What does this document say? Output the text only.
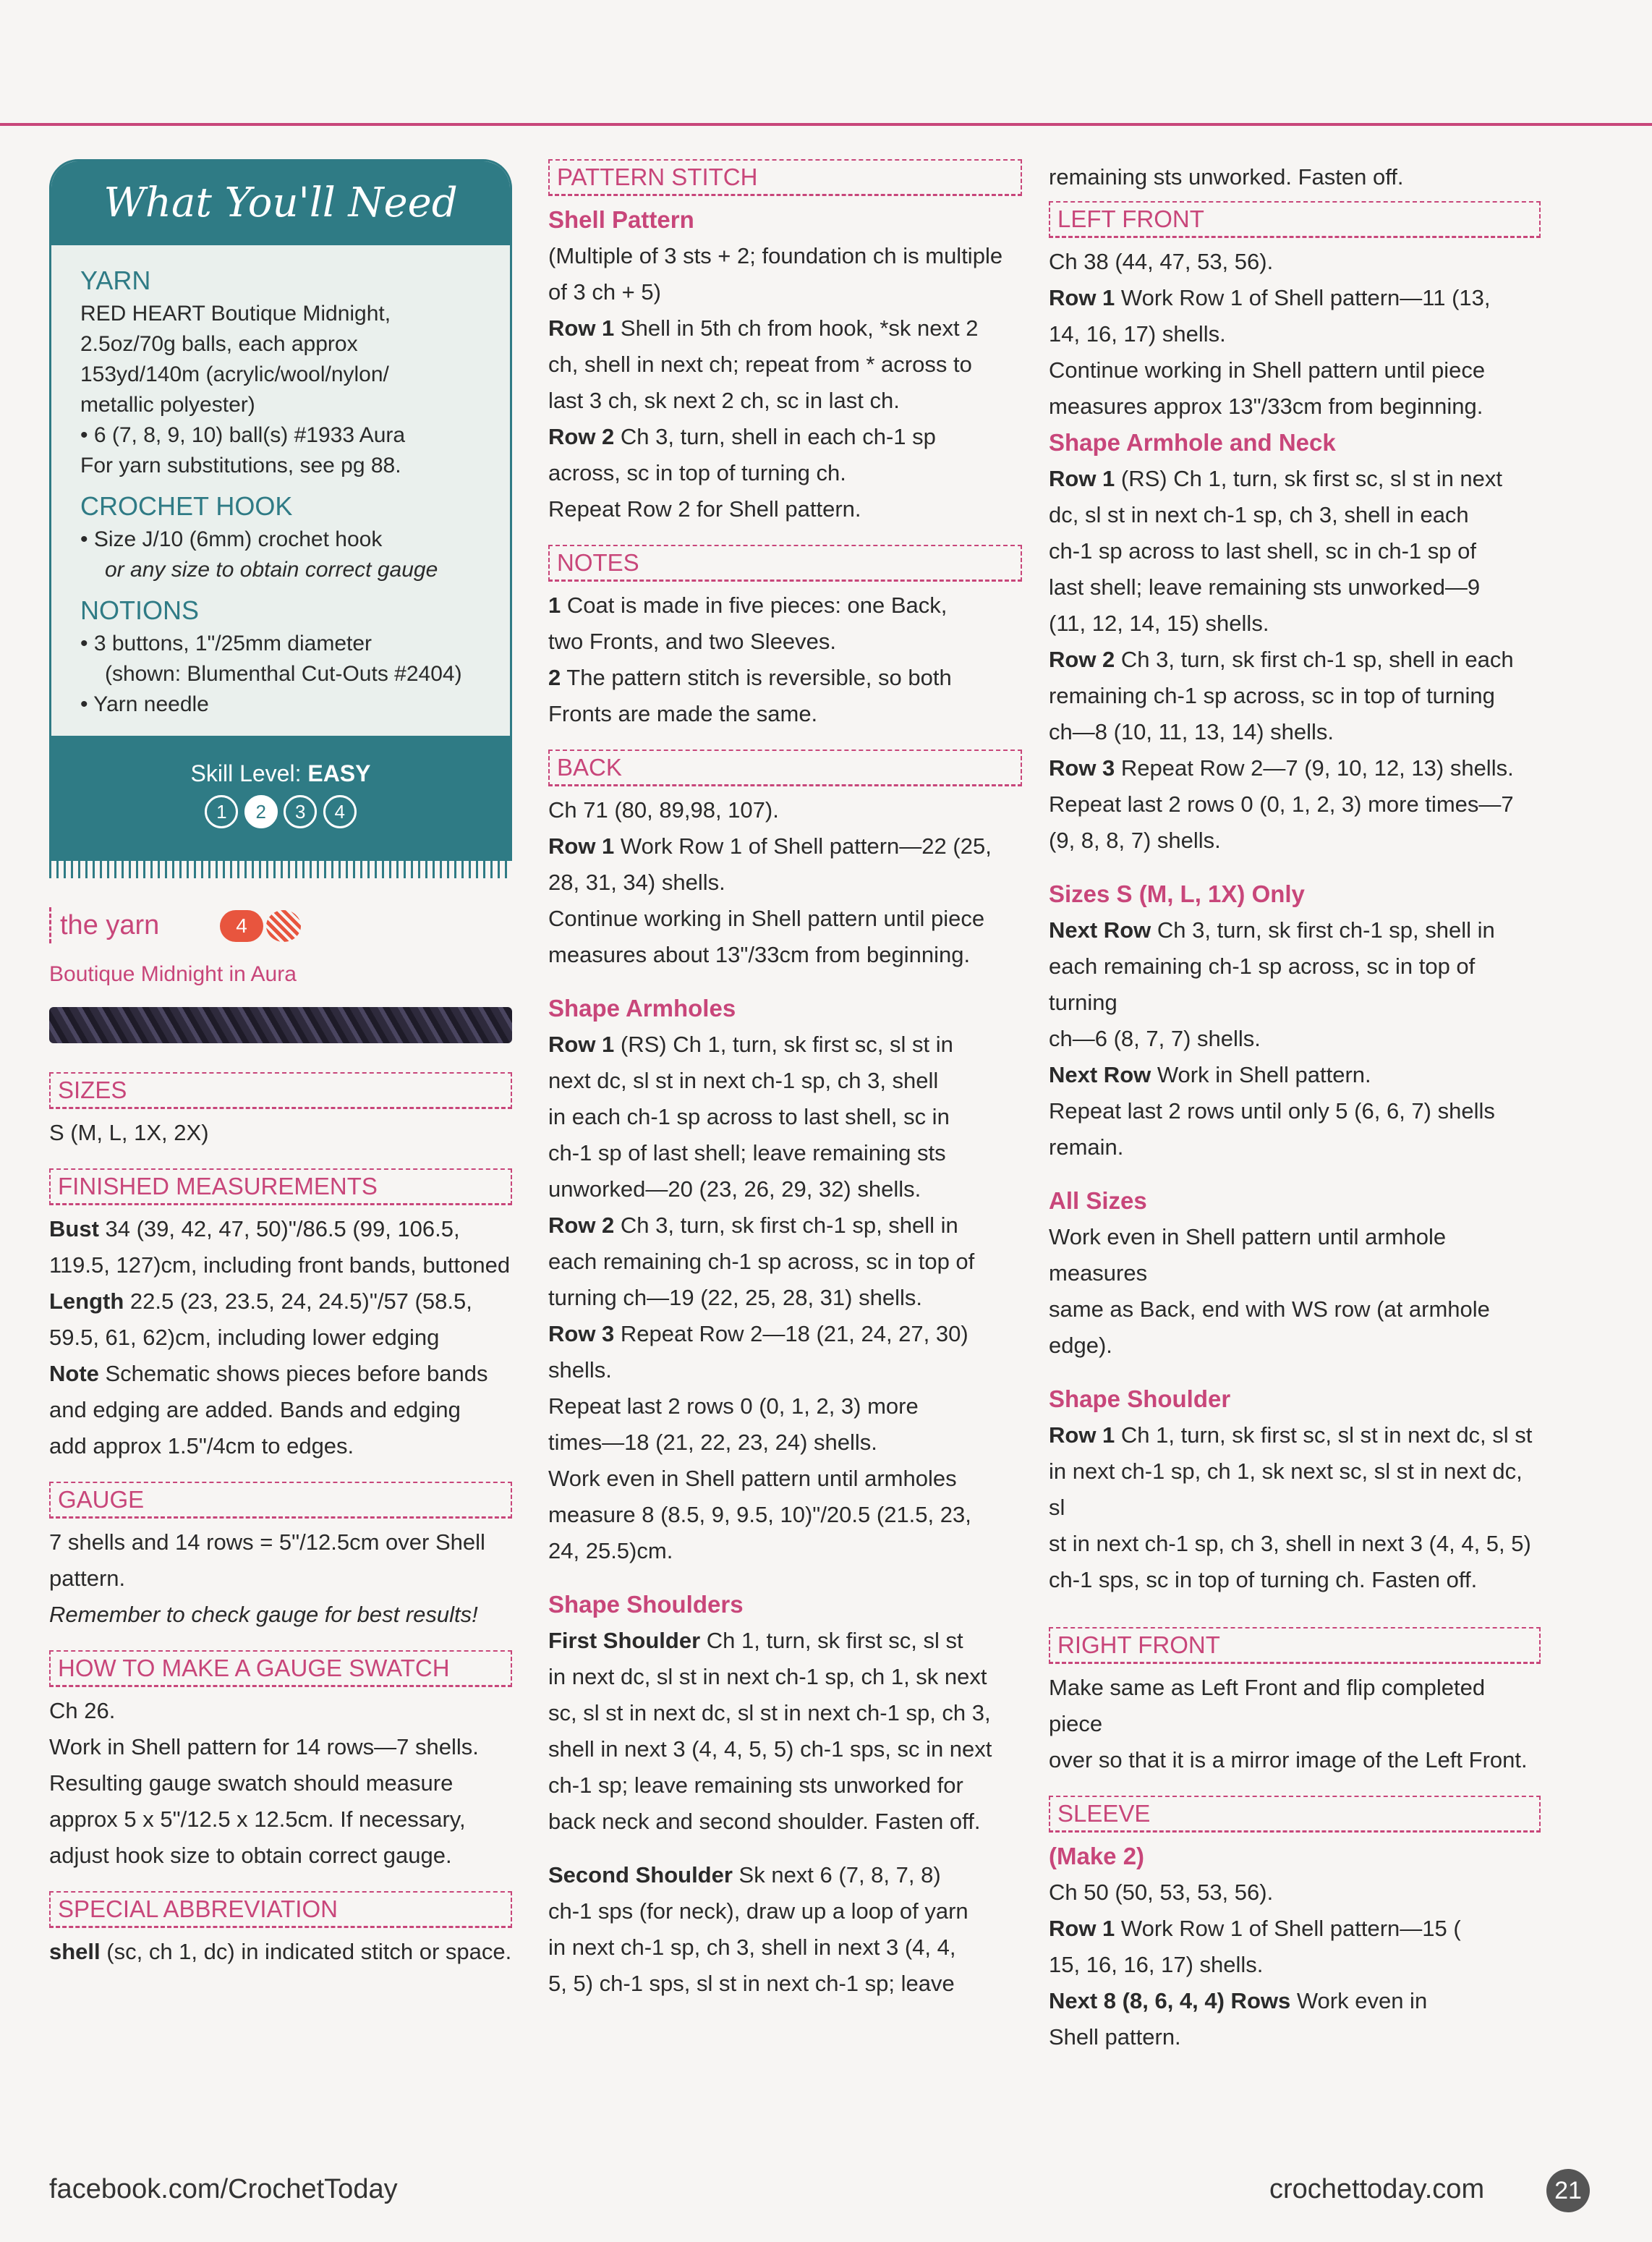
What You'll Need
YARN

RED HEART Boutique Midnight,

2.5oz/70g balls, each approx

153yd/140m (acrylic/wool/nylon/

metallic polyester)

• 6 (7, 8, 9, 10) ball(s) #1933 Aura

For yarn substitutions, see pg 88.

CROCHET HOOK

• Size J/10 (6mm) crochet hook

or any size to obtain correct gauge

NOTIONS

• 3 buttons, 1"/25mm diameter

(shown: Blumenthal Cut-Outs #2404)

• Yarn needle

Skill Level: EASY
1 2 3 4
the yarn	4
Boutique Midnight in Aura
SIZES

S (M, L, 1X, 2X)

FINISHED MEASUREMENTS

Bust 34 (39, 42, 47, 50)"/86.5 (99, 106.5,

119.5, 127)cm, including front bands, buttoned

Length 22.5 (23, 23.5, 24, 24.5)"/57 (58.5,

59.5, 61, 62)cm, including lower edging

Note Schematic shows pieces before bands

and edging are added. Bands and edging

add approx 1.5"/4cm to edges.

GAUGE

7 shells and 14 rows = 5"/12.5cm over Shell

pattern.

Remember to check gauge for best results!

HOW TO MAKE A GAUGE SWATCH

Ch 26.

Work in Shell pattern for 14 rows—7 shells.

Resulting gauge swatch should measure

approx 5 x 5"/12.5 x 12.5cm. If necessary,

adjust hook size to obtain correct gauge.

SPECIAL ABBREVIATION

shell (sc, ch 1, dc) in indicated stitch or space.

PATTERN STITCH
Shell Pattern

(Multiple of 3 sts + 2; foundation ch is multiple

of 3 ch + 5)

Row 1 Shell in 5th ch from hook, *sk next 2

ch, shell in next ch; repeat from * across to

last 3 ch, sk next 2 ch, sc in last ch.

Row 2 Ch 3, turn, shell in each ch-1 sp

across, sc in top of turning ch.

Repeat Row 2 for Shell pattern.

NOTES

1 Coat is made in five pieces: one Back,

two Fronts, and two Sleeves.

2 The pattern stitch is reversible, so both

Fronts are made the same.

BACK

Ch 71 (80, 89,98, 107).

Row 1 Work Row 1 of Shell pattern—22 (25,

28, 31, 34) shells.

Continue working in Shell pattern until piece

measures about 13"/33cm from beginning.

Shape Armholes

Row 1 (RS) Ch 1, turn, sk first sc, sl st in

next dc, sl st in next ch-1 sp, ch 3, shell

in each ch-1 sp across to last shell, sc in

ch-1 sp of last shell; leave remaining sts

unworked—20 (23, 26, 29, 32) shells.

Row 2 Ch 3, turn, sk first ch-1 sp, shell in

each remaining ch-1 sp across, sc in top of

turning ch—19 (22, 25, 28, 31) shells.

Row 3 Repeat Row 2—18 (21, 24, 27, 30)

shells.

Repeat last 2 rows 0 (0, 1, 2, 3) more

times—18 (21, 22, 23, 24) shells.

Work even in Shell pattern until armholes

measure 8 (8.5, 9, 9.5, 10)"/20.5 (21.5, 23,

24, 25.5)cm.

Shape Shoulders

First Shoulder Ch 1, turn, sk first sc, sl st

in next dc, sl st in next ch-1 sp, ch 1, sk next

sc, sl st in next dc, sl st in next ch-1 sp, ch 3,

shell in next 3 (4, 4, 5, 5) ch-1 sps, sc in next

ch-1 sp; leave remaining sts unworked for

back neck and second shoulder. Fasten off.

Second Shoulder Sk next 6 (7, 8, 7, 8)

ch-1 sps (for neck), draw up a loop of yarn

in next ch-1 sp, ch 3, shell in next 3 (4, 4,

5, 5) ch-1 sps, sl st in next ch-1 sp; leave

remaining sts unworked. Fasten off.

LEFT FRONT

Ch 38 (44, 47, 53, 56).

Row 1 Work Row 1 of Shell pattern—11 (13,

14, 16, 17) shells.

Continue working in Shell pattern until piece

measures approx 13"/33cm from beginning.

Shape Armhole and Neck

Row 1 (RS) Ch 1, turn, sk first sc, sl st in next

dc, sl st in next ch-1 sp, ch 3, shell in each

ch-1 sp across to last shell, sc in ch-1 sp of

last shell; leave remaining sts unworked—9

(11, 12, 14, 15) shells.

Row 2 Ch 3, turn, sk first ch-1 sp, shell in each

remaining ch-1 sp across, sc in top of turning

ch—8 (10, 11, 13, 14) shells.

Row 3 Repeat Row 2—7 (9, 10, 12, 13) shells.

Repeat last 2 rows 0 (0, 1, 2, 3) more times—7

(9, 8, 8, 7) shells.

Sizes S (M, L, 1X) Only

Next Row Ch 3, turn, sk first ch-1 sp, shell in

each remaining ch-1 sp across, sc in top of turning

ch—6 (8, 7, 7) shells.

Next Row Work in Shell pattern.

Repeat last 2 rows until only 5 (6, 6, 7) shells

remain.

All Sizes

Work even in Shell pattern until armhole measures

same as Back, end with WS row (at armhole

edge).

Shape Shoulder

Row 1 Ch 1, turn, sk first sc, sl st in next dc, sl st

in next ch-1 sp, ch 1, sk next sc, sl st in next dc, sl

st in next ch-1 sp, ch 3, shell in next 3 (4, 4, 5, 5)

ch-1 sps, sc in top of turning ch. Fasten off.

RIGHT FRONT

Make same as Left Front and flip completed piece

over so that it is a mirror image of the Left Front.

SLEEVE
(Make 2)

Ch 50 (50, 53, 53, 56).

Row 1 Work Row 1 of Shell pattern—15 (

15, 16, 16, 17) shells.

Next 8 (8, 6, 4, 4) Rows Work even in

Shell pattern.

facebook.com/CrochetToday	crochettoday.com	21
